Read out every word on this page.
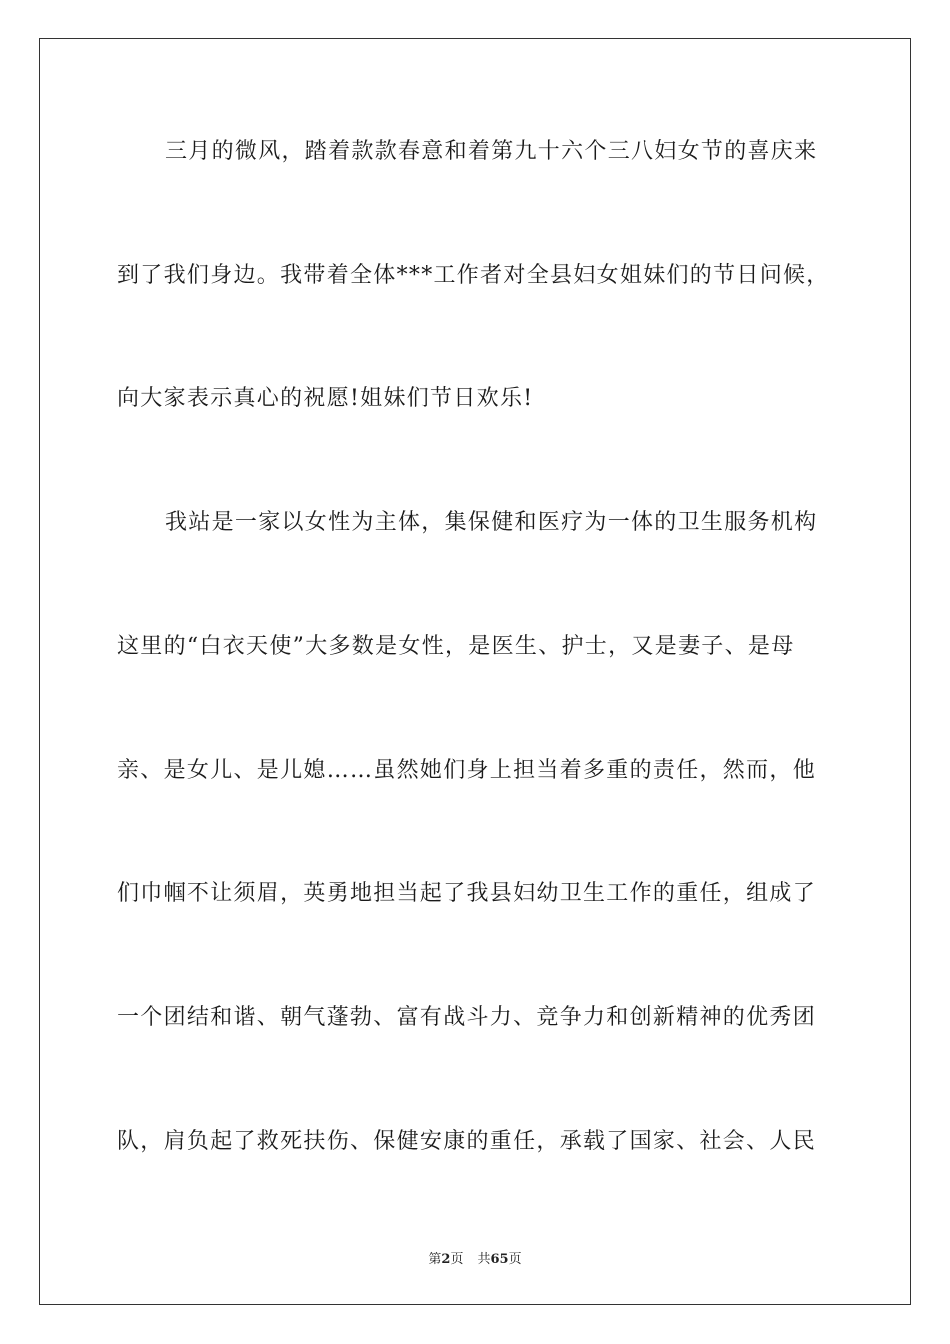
三月的微风，踏着款款春意和着第九十六个三八妇女节的喜庆来
到了我们身边。我带着全体***工作者对全县妇女姐妹们的节日问候，
向大家表示真心的祝愿!姐妹们节日欢乐!
我站是一家以女性为主体，集保健和医疗为一体的卫生服务机构
这里的“白衣天使”大多数是女性，是医生、护士，又是妻子、是母
亲、是女儿、是儿媳……虽然她们身上担当着多重的责任，然而，他
们巾帼不让须眉，英勇地担当起了我县妇幼卫生工作的重任，组成了
一个团结和谐、朝气蓬勃、富有战斗力、竞争力和创新精神的优秀团
队，肩负起了救死扶伤、保健安康的重任，承载了国家、社会、人民
第2页 共65页
